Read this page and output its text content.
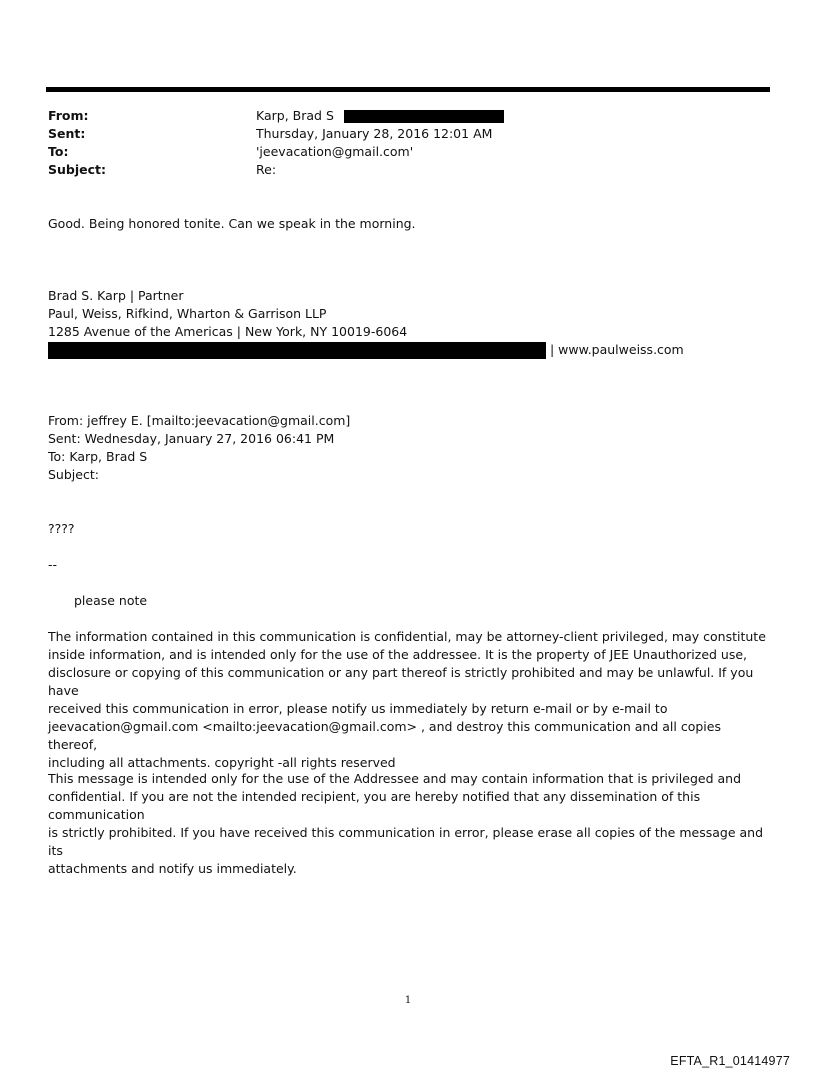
From:	Karp, Brad S
Sent:	Thursday, January 28, 2016 12:01 AM
To:	'jeevacation@gmail.com'
Subject:	Re:
Good. Being honored tonite. Can we speak in the morning.
Brad S. Karp | Partner
Paul, Weiss, Rifkind, Wharton & Garrison LLP
1285 Avenue of the Americas | New York, NY 10019-6064
| www.paulweiss.com
From: jeffrey E. [mailto:jeevacation@gmail.com]
Sent: Wednesday, January 27, 2016 06:41 PM
To: Karp, Brad S
Subject:
????
--
please note
The information contained in this communication is confidential, may be attorney-client privileged, may constitute
inside information, and is intended only for the use of the addressee. It is the property of JEE Unauthorized use,
disclosure or copying of this communication or any part thereof is strictly prohibited and may be unlawful. If you have
received this communication in error, please notify us immediately by return e-mail or by e-mail to
jeevacation@gmail.com <mailto:jeevacation@gmail.com> , and destroy this communication and all copies thereof,
including all attachments. copyright -all rights reserved
This message is intended only for the use of the Addressee and may contain information that is privileged and
confidential. If you are not the intended recipient, you are hereby notified that any dissemination of this communication
is strictly prohibited. If you have received this communication in error, please erase all copies of the message and its
attachments and notify us immediately.
1
EFTA_R1_01414977
